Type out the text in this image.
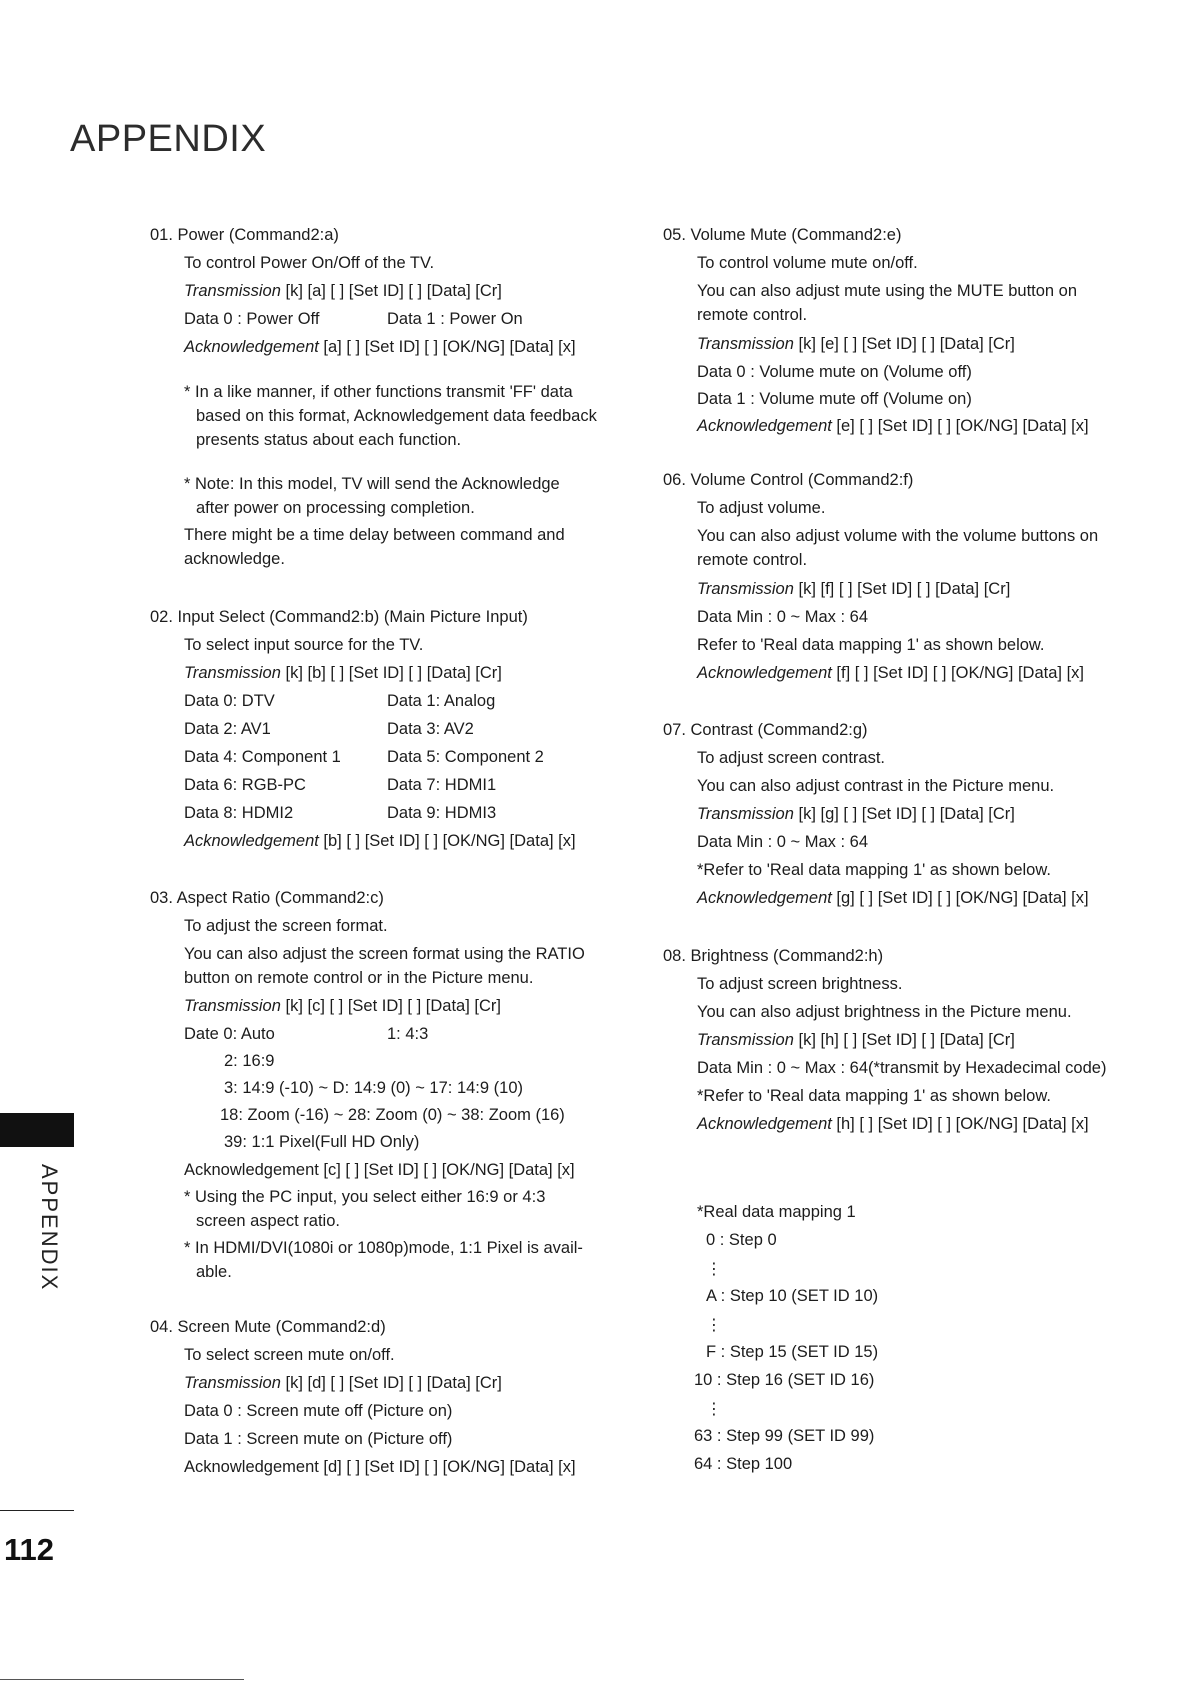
APPENDIX
01. Power (Command2:a)
To control Power On/Off of the TV.
Transmission [k] [a] [ ] [Set ID] [ ] [Data] [Cr]
Data 0 : Power Off	Data 1 : Power On
Acknowledgement [a] [ ] [Set ID] [ ] [OK/NG] [Data] [x]
* In a like manner, if other functions transmit 'FF' data
based on this format, Acknowledgement data feedback
presents status about each function.
* Note: In this model, TV will send the Acknowledge
after power on processing completion.
There might be a time delay between command and
acknowledge.
02. Input Select (Command2:b) (Main Picture Input)
To select input source for the TV.
Transmission [k] [b] [ ] [Set ID] [ ] [Data] [Cr]
Data 0: DTV	Data 1: Analog
Data 2: AV1	Data 3: AV2
Data 4: Component 1	Data 5: Component 2
Data 6: RGB-PC	Data 7: HDMI1
Data 8: HDMI2	Data 9: HDMI3
Acknowledgement [b] [ ] [Set ID] [ ] [OK/NG] [Data] [x]
03. Aspect Ratio (Command2:c)
To adjust the screen format.
You can also adjust the screen format using the RATIO
button on remote control or in the Picture menu.
Transmission [k] [c] [ ] [Set ID] [ ] [Data] [Cr]
Date 0: Auto	1: 4:3
2: 16:9
3: 14:9 (-10) ~ D: 14:9 (0) ~ 17: 14:9 (10)
18: Zoom (-16) ~ 28: Zoom (0) ~ 38: Zoom (16)
39: 1:1 Pixel(Full HD Only)
Acknowledgement [c] [ ] [Set ID] [ ] [OK/NG] [Data] [x]
* Using the PC input, you select either 16:9 or 4:3
screen aspect ratio.
* In HDMI/DVI(1080i or 1080p)mode, 1:1 Pixel is avail-
able.
04. Screen Mute (Command2:d)
To select screen mute on/off.
Transmission [k] [d] [ ] [Set ID] [ ] [Data] [Cr]
Data 0 : Screen mute off (Picture on)
Data 1 : Screen mute on (Picture off)
Acknowledgement [d] [ ] [Set ID] [ ] [OK/NG] [Data] [x]
05. Volume Mute (Command2:e)
To control volume mute on/off.
You can also adjust mute using the MUTE button on
remote control.
Transmission [k] [e] [ ] [Set ID] [ ] [Data] [Cr]
Data 0 : Volume mute on (Volume off)
Data 1 : Volume mute off (Volume on)
Acknowledgement [e] [ ] [Set ID] [ ] [OK/NG] [Data] [x]
06. Volume Control (Command2:f)
To adjust volume.
You can also adjust volume with the volume buttons on
remote control.
Transmission [k] [f] [ ] [Set ID] [ ] [Data] [Cr]
Data Min : 0 ~ Max : 64
Refer to 'Real data mapping 1' as shown below.
Acknowledgement [f] [ ] [Set ID] [ ] [OK/NG] [Data] [x]
07. Contrast (Command2:g)
To adjust screen contrast.
You can also adjust contrast in the Picture menu.
Transmission [k] [g] [ ] [Set ID] [ ] [Data] [Cr]
Data Min : 0 ~ Max : 64
*Refer to 'Real data mapping 1' as shown below.
Acknowledgement [g] [ ] [Set ID] [ ] [OK/NG] [Data] [x]
08. Brightness (Command2:h)
To adjust screen brightness.
You can also adjust brightness in the Picture menu.
Transmission [k] [h] [ ] [Set ID] [ ] [Data] [Cr]
Data Min : 0 ~ Max : 64(*transmit by Hexadecimal code)
*Refer to 'Real data mapping 1' as shown below.
Acknowledgement [h] [ ] [Set ID] [ ] [OK/NG] [Data] [x]
*Real data mapping 1
0 : Step 0
⋮
A : Step 10 (SET ID 10)
⋮
F : Step 15 (SET ID 15)
10 : Step 16 (SET ID 16)
⋮
63 : Step 99 (SET ID 99)
64 : Step 100
APPENDIX
112
